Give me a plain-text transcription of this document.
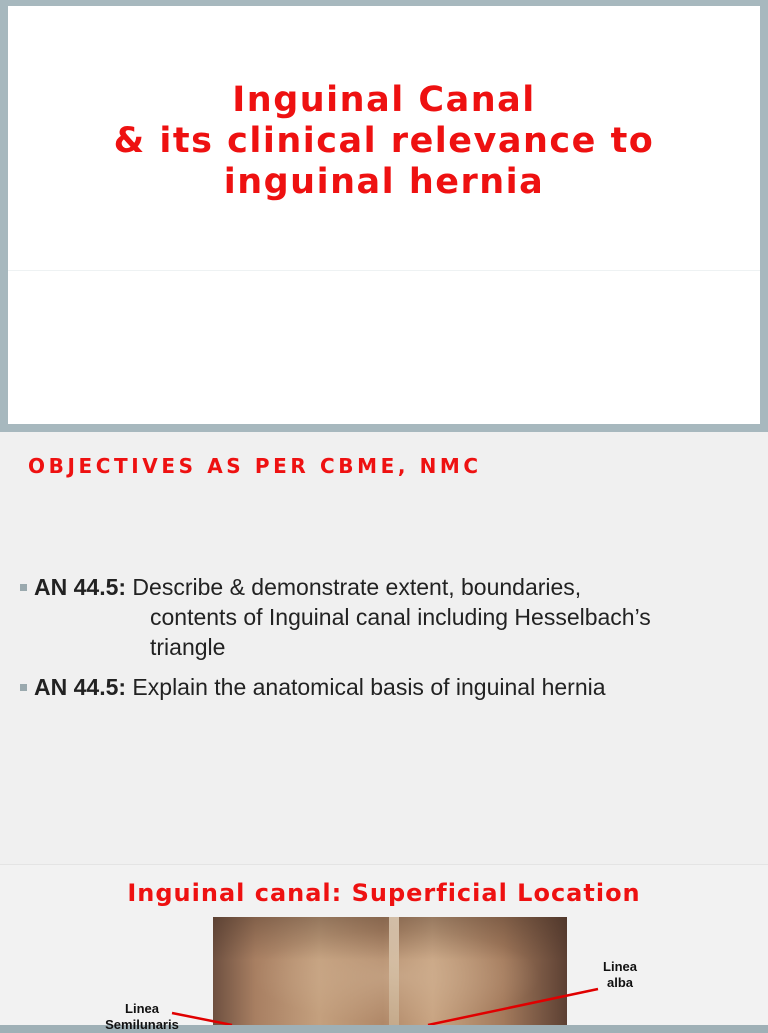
Inguinal Canal
& its clinical relevance to
inguinal hernia
OBJECTIVES AS PER CBME, NMC
AN 44.5: Describe & demonstrate extent, boundaries,
contents of Inguinal canal including Hesselbach’s
triangle
AN 44.5: Explain the anatomical basis of inguinal hernia
Inguinal canal: Superficial Location
Linea
alba
Linea
Semilunaris
